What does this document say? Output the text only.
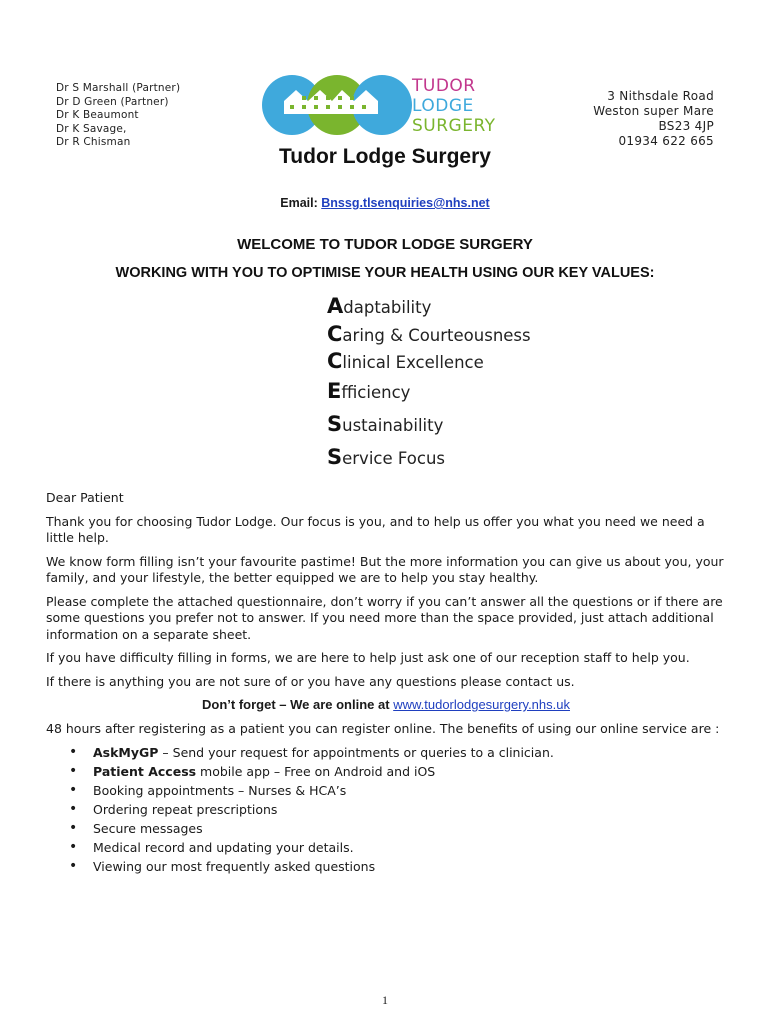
Dr S Marshall (Partner)
Dr D Green (Partner)
Dr K Beaumont
Dr K Savage,
Dr R Chisman
TUDOR
LODGE
SURGERY
3 Nithsdale Road
Weston super Mare
BS23 4JP
01934 622 665
Tudor Lodge Surgery
Email: Bnssg.tlsenquiries@nhs.net
WELCOME TO TUDOR LODGE SURGERY
WORKING WITH YOU TO OPTIMISE YOUR HEALTH USING OUR KEY VALUES:
Adaptability
Caring & Courteousness
Clinical Excellence
Efficiency
Sustainability
Service Focus

Dear Patient

Thank you for choosing Tudor Lodge. Our focus is you, and to help us offer you what you need we need a little help.

We know form filling isn’t your favourite pastime! But the more information you can give us about you, your family, and your lifestyle, the better equipped we are to help you stay healthy.

Please complete the attached questionnaire, don’t worry if you can’t answer all the questions or if there are some questions you prefer not to answer. If you need more than the space provided, just attach additional information on a separate sheet.

If you have difficulty filling in forms, we are here to help just ask one of our reception staff to help you.

If there is anything you are not sure of or you have any questions please contact us.

Don’t forget – We are online at www.tudorlodgesurgery.nhs.uk

48 hours after registering as a patient you can register online. The benefits of using our online service are :

• AskMyGP – Send your request for appointments or queries to a clinician.
• Patient Access mobile app – Free on Android and iOS
• Booking appointments – Nurses & HCA’s
• Ordering repeat prescriptions
• Secure messages
• Medical record and updating your details.
• Viewing our most frequently asked questions
1
